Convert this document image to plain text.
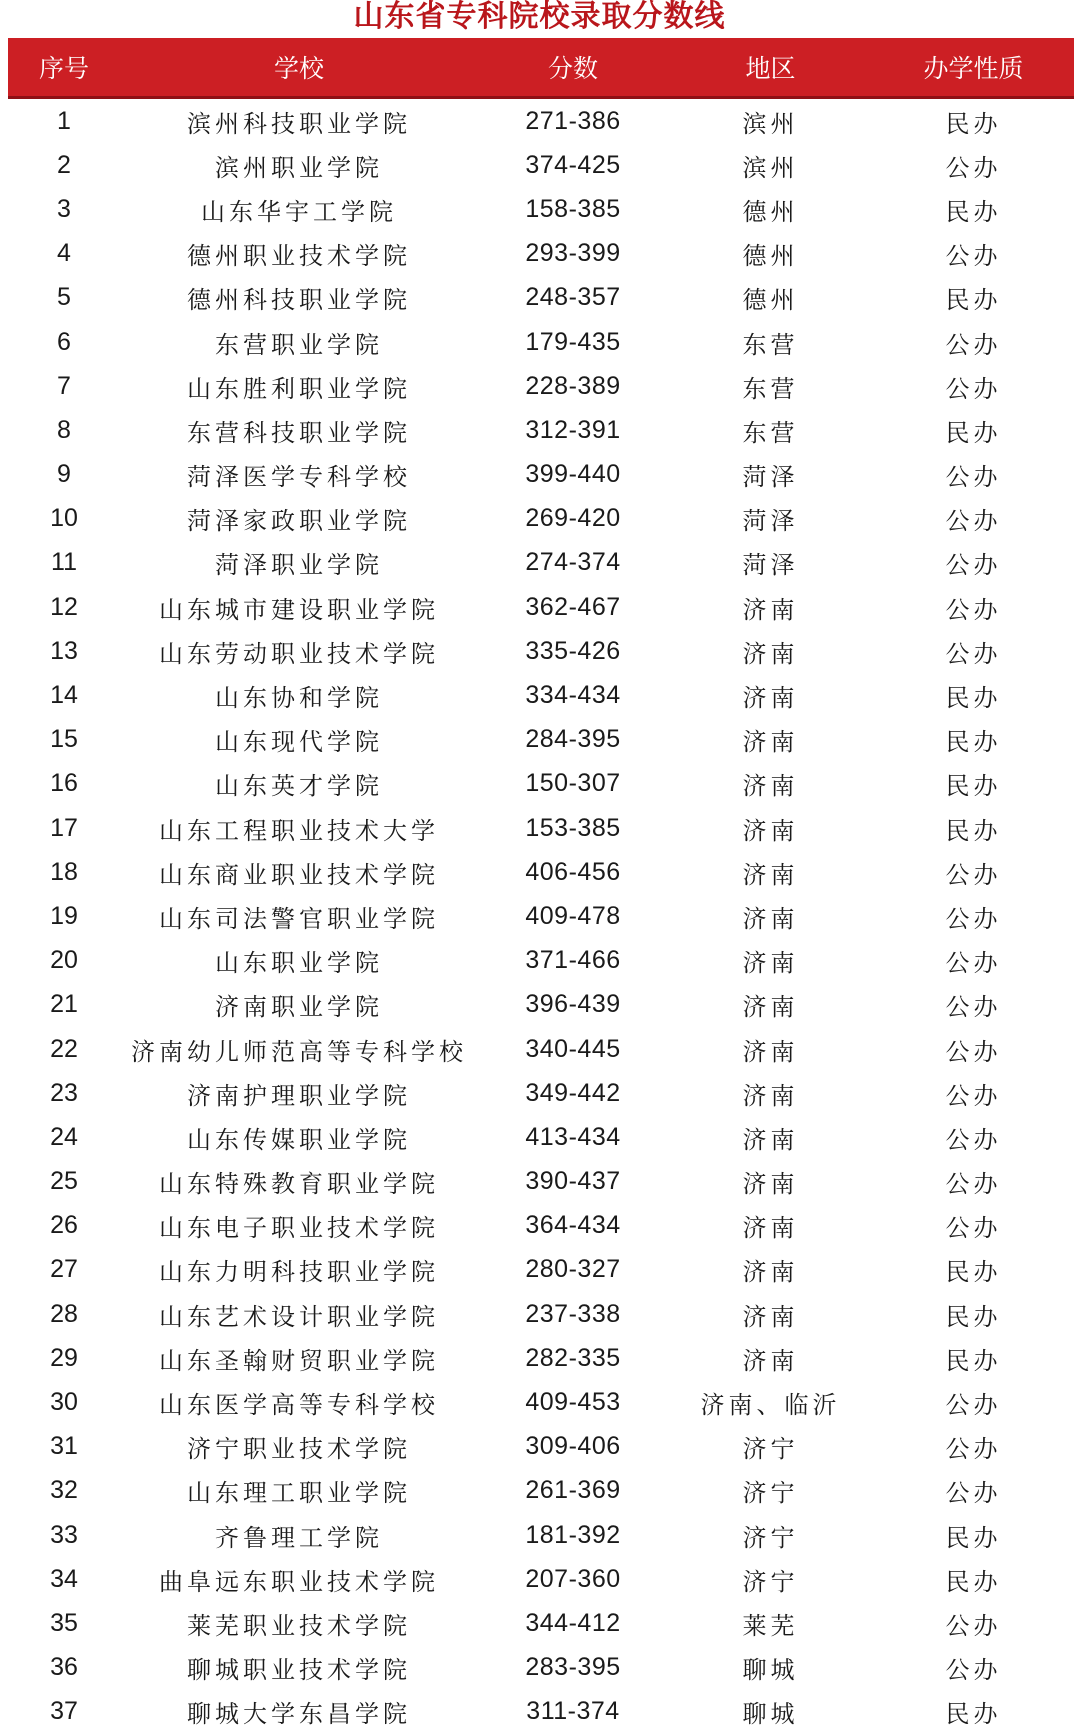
山东省专科院校录取分数线
序号	学校	分数	地区	办学性质
1	滨州科技职业学院	271-386	滨州	民办
2	滨州职业学院	374-425	滨州	公办
3	山东华宇工学院	158-385	德州	民办
4	德州职业技术学院	293-399	德州	公办
5	德州科技职业学院	248-357	德州	民办
6	东营职业学院	179-435	东营	公办
7	山东胜利职业学院	228-389	东营	公办
8	东营科技职业学院	312-391	东营	民办
9	菏泽医学专科学校	399-440	菏泽	公办
10	菏泽家政职业学院	269-420	菏泽	公办
11	菏泽职业学院	274-374	菏泽	公办
12	山东城市建设职业学院	362-467	济南	公办
13	山东劳动职业技术学院	335-426	济南	公办
14	山东协和学院	334-434	济南	民办
15	山东现代学院	284-395	济南	民办
16	山东英才学院	150-307	济南	民办
17	山东工程职业技术大学	153-385	济南	民办
18	山东商业职业技术学院	406-456	济南	公办
19	山东司法警官职业学院	409-478	济南	公办
20	山东职业学院	371-466	济南	公办
21	济南职业学院	396-439	济南	公办
22	济南幼儿师范高等专科学校	340-445	济南	公办
23	济南护理职业学院	349-442	济南	公办
24	山东传媒职业学院	413-434	济南	公办
25	山东特殊教育职业学院	390-437	济南	公办
26	山东电子职业技术学院	364-434	济南	公办
27	山东力明科技职业学院	280-327	济南	民办
28	山东艺术设计职业学院	237-338	济南	民办
29	山东圣翰财贸职业学院	282-335	济南	民办
30	山东医学高等专科学校	409-453	济南、临沂	公办
31	济宁职业技术学院	309-406	济宁	公办
32	山东理工职业学院	261-369	济宁	公办
33	齐鲁理工学院	181-392	济宁	民办
34	曲阜远东职业技术学院	207-360	济宁	民办
35	莱芜职业技术学院	344-412	莱芜	公办
36	聊城职业技术学院	283-395	聊城	公办
37	聊城大学东昌学院	311-374	聊城	民办
